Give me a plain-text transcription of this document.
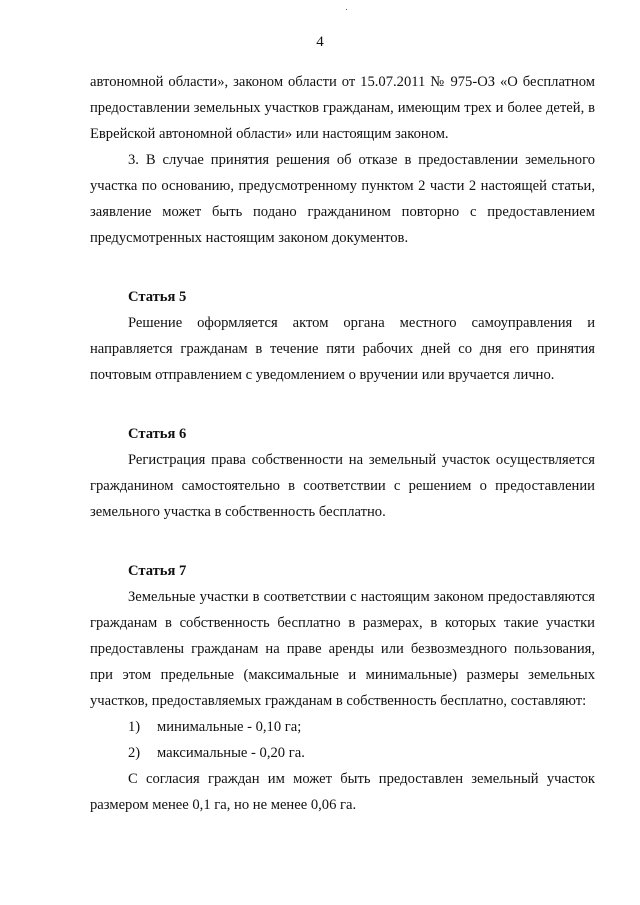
4

автономной области», законом области от 15.07.2011 № 975-ОЗ «О бесплатном предоставлении земельных участков гражданам, имеющим трех и более детей, в Еврейской автономной области» или настоящим законом.

3. В случае принятия решения об отказе в предоставлении земельного участка по основанию, предусмотренному пунктом 2 части 2 настоящей статьи, заявление может быть подано гражданином повторно с предоставлением предусмотренных настоящим законом документов.

Статья 5

Решение оформляется актом органа местного самоуправления и направляется гражданам в течение пяти рабочих дней со дня его принятия почтовым отправлением с уведомлением о вручении или вручается лично.

Статья 6

Регистрация права собственности на земельный участок осуществляется гражданином самостоятельно в соответствии с решением о предоставлении земельного участка в собственность бесплатно.

Статья 7

Земельные участки в соответствии с настоящим законом предоставляются гражданам в собственность бесплатно в размерах, в которых такие участки предоставлены гражданам на праве аренды или безвозмездного пользования, при этом предельные (максимальные и минимальные) размеры земельных участков, предоставляемых гражданам в собственность бесплатно, составляют:

1)	минимальные - 0,10 га;
2)	максимальные - 0,20 га.

С согласия граждан им может быть предоставлен земельный участок размером менее 0,1 га, но не менее 0,06 га.
